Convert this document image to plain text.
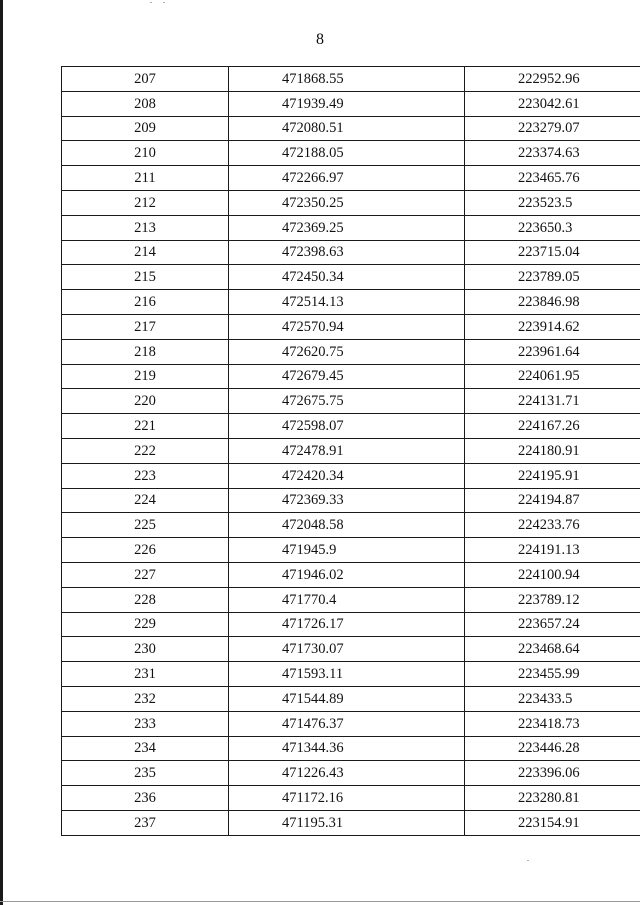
8
207	471868.55	222952.96
208	471939.49	223042.61
209	472080.51	223279.07
210	472188.05	223374.63
211	472266.97	223465.76
212	472350.25	223523.5
213	472369.25	223650.3
214	472398.63	223715.04
215	472450.34	223789.05
216	472514.13	223846.98
217	472570.94	223914.62
218	472620.75	223961.64
219	472679.45	224061.95
220	472675.75	224131.71
221	472598.07	224167.26
222	472478.91	224180.91
223	472420.34	224195.91
224	472369.33	224194.87
225	472048.58	224233.76
226	471945.9	224191.13
227	471946.02	224100.94
228	471770.4	223789.12
229	471726.17	223657.24
230	471730.07	223468.64
231	471593.11	223455.99
232	471544.89	223433.5
233	471476.37	223418.73
234	471344.36	223446.28
235	471226.43	223396.06
236	471172.16	223280.81
237	471195.31	223154.91
